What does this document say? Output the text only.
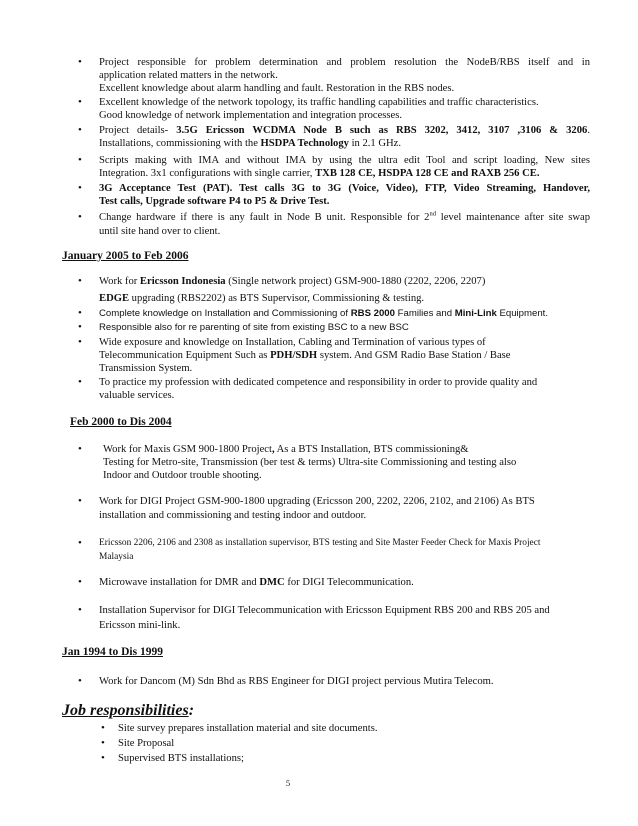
• Project responsible for problem determination and problem resolution the NodeB/RBS itself and in
application related matters in the network.
Excellent knowledge about alarm handling and fault. Restoration in the RBS nodes.
• Excellent knowledge of the network topology, its traffic handling capabilities and traffic characteristics.
Good knowledge of network implementation and integration processes.
• Project details- 3.5G Ericsson WCDMA Node B such as RBS 3202, 3412, 3107 ,3106 & 3206.
Installations, commissioning with the HSDPA Technology in 2.1 GHz.
• Scripts making with IMA and without IMA by using the ultra edit Tool and script loading, New sites
Integration. 3x1 configurations with single carrier, TXB 128 CE, HSDPA 128 CE and RAXB 256 CE.
• 3G Acceptance Test (PAT). Test calls 3G to 3G (Voice, Video), FTP, Video Streaming, Handover,
Test calls, Upgrade software P4 to P5 & Drive Test.
• Change hardware if there is any fault in Node B unit. Responsible for 2nd level maintenance after site swap
until site hand over to client.
January 2005 to Feb 2006
• Work for Ericsson Indonesia (Single network project) GSM-900-1880 (2202, 2206, 2207)
EDGE upgrading (RBS2202) as BTS Supervisor, Commissioning & testing.
• Complete knowledge on Installation and Commissioning of RBS 2000 Families and Mini-Link Equipment.
• Responsible also for re parenting of site from existing BSC to a new BSC
• Wide exposure and knowledge on Installation, Cabling and Termination of various types of
Telecommunication Equipment Such as PDH/SDH system. And GSM Radio Base Station / Base
Transmission System.
• To practice my profession with dedicated competence and responsibility in order to provide quality and
valuable services.
Feb 2000 to Dis 2004
• Work for Maxis GSM 900-1800 Project, As a BTS Installation, BTS commissioning&
Testing for Metro-site, Transmission (ber test & terms) Ultra-site Commissioning and testing also
Indoor and Outdoor trouble shooting.
• Work for DIGI Project GSM-900-1800 upgrading (Ericsson 200, 2202, 2206, 2102, and 2106) As BTS
installation and commissioning and testing indoor and outdoor.
• Ericsson 2206, 2106 and 2308 as installation supervisor, BTS testing and Site Master Feeder Check for Maxis Project
Malaysia
• Microwave installation for DMR and DMC for DIGI Telecommunication.
• Installation Supervisor for DIGI Telecommunication with Ericsson Equipment RBS 200 and RBS 205 and
Ericsson mini-link.
Jan 1994 to Dis 1999
• Work for Dancom (M) Sdn Bhd as RBS Engineer for DIGI project pervious Mutira Telecom.
Job responsibilities:
• Site survey prepares installation material and site documents.
• Site Proposal
• Supervised BTS installations;
5
